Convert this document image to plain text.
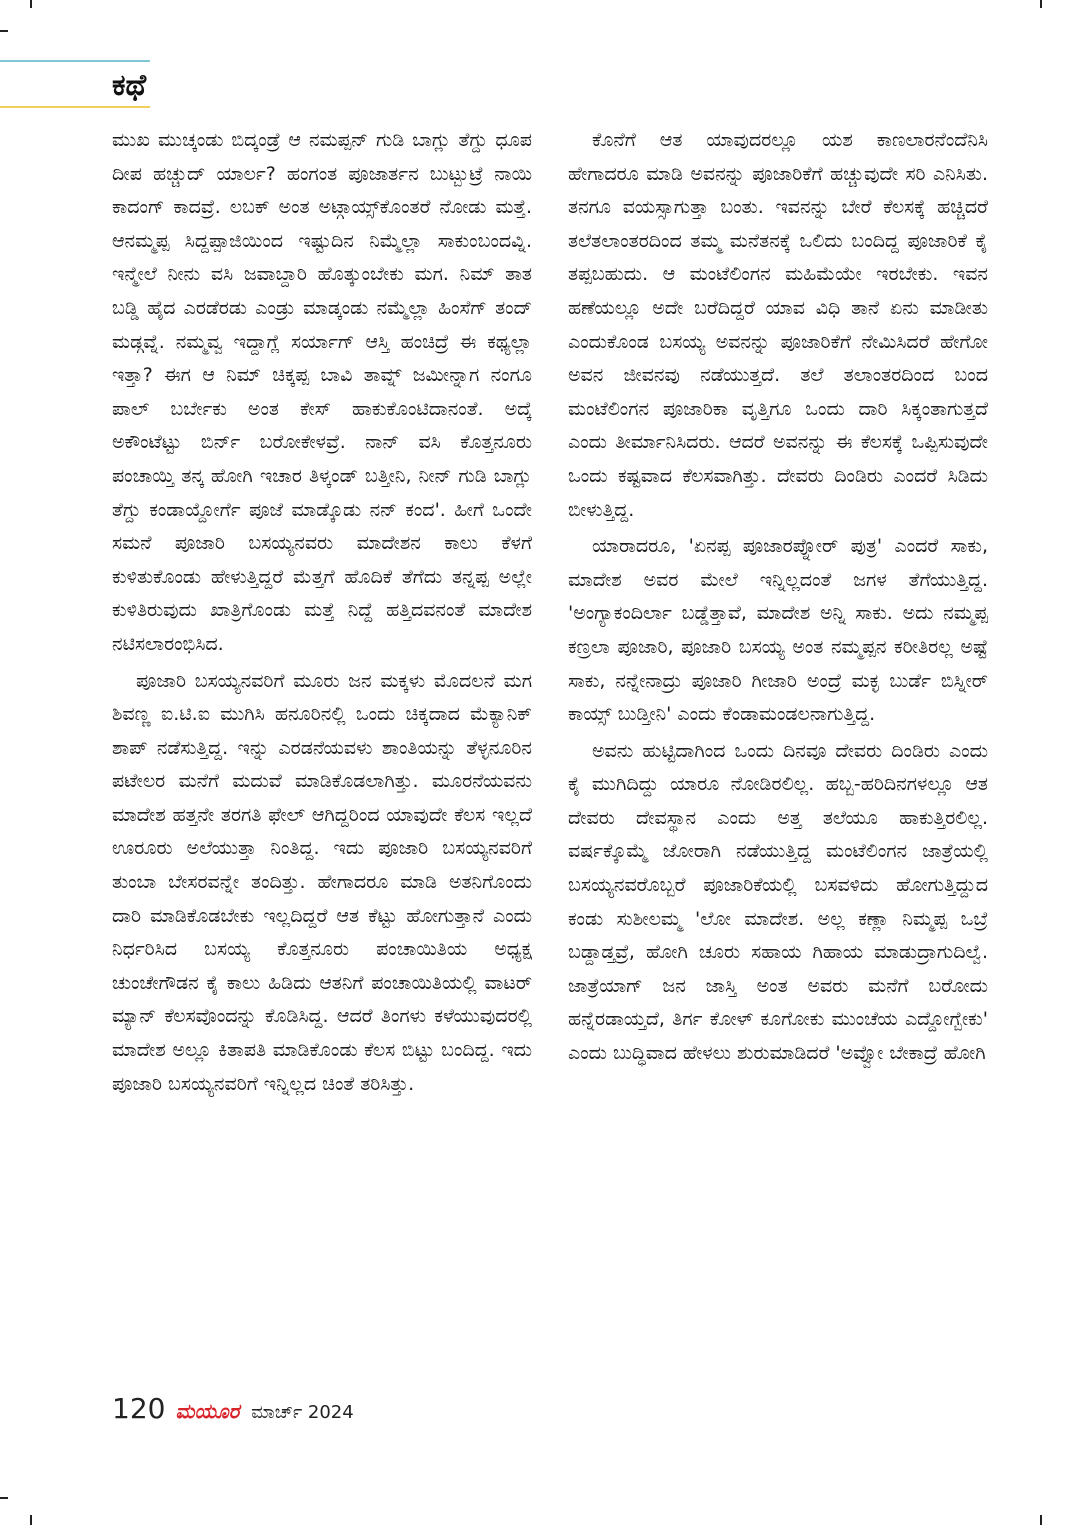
ಕಥೆ

ಮುಖ ಮುಚ್ಕಂಡು ಬಿದ್ಕಂಡ್ರೆ ಆ ನಮಪ್ಪನ್ ಗುಡಿ ಬಾಗ್ಲು ತೆಗ್ದು ಧೂಪ ದೀಪ ಹಚ್ಚುದ್ ಯಾರ್ಲ? ಹಂಗಂತ ಪೂಜಾರ್ತನ ಬುಟ್ಬುಟ್ರೆ ನಾಯಿ ಕಾದಂಗ್ ಕಾದವ್ರೆ. ಲಬಕ್ ಅಂತ ಅಟ್ಗಾಯ್ಸ್‌ಕೊಂತರೆ ನೋಡು ಮತ್ತೆ. ಆನಮ್ಮಪ್ಪ ಸಿದ್ದಪ್ಪಾಜಿಯಿಂದ ಇಷ್ಟುದಿನ ನಿಮ್ಮೆಲ್ಲಾ ಸಾಕುಂಬಂದವ್ನಿ. ಇನ್ಮೇಲೆ ನೀನು ವಸಿ ಜವಾಬ್ದಾರಿ ಹೊತ್ಕುಂಬೇಕು ಮಗ. ನಿಮ್ ತಾತ ಬಡ್ಡಿ ಹೈದ ಎರಡೆರಡು ಎಂಡ್ರು ಮಾಡ್ಕಂಡು ನಮ್ಮೆಲ್ಲಾ ಹಿಂಸೆಗ್ ತಂದ್ ಮಡ್ಗವ್ನೆ. ನಮ್ಮವ್ವ ಇದ್ದಾಗ್ಲೆ ಸರ್ಯಾಗ್ ಆಸ್ತಿ ಹಂಚಿದ್ರೆ ಈ ಕಥ್ಯಲ್ಲಾ ಇತ್ತಾ? ಈಗ ಆ ನಿಮ್ ಚಿಕ್ಕಪ್ಪ ಬಾವಿ ತಾವ್ನ್ ಜಮೀನ್ನಾಗ ನಂಗೂ ಪಾಲ್ ಬರ್ಬೇಕು ಅಂತ ಕೇಸ್ ಹಾಕುಕೊಂಟಿದಾನಂತೆ. ಅದ್ಕೆ ಅಕೌಂಟೆಟ್ಟು ಬಿರ್ನ್ ಬರೋಕೇಳವ್ರೆ. ನಾನ್ ವಸಿ ಕೊತ್ತನೂರು ಪಂಚಾಯ್ತಿ ತನ್ಕ ಹೋಗಿ ಇಚಾರ ತಿಳ್ಕಂಡ್ ಬತ್ತೀನಿ, ನೀನ್ ಗುಡಿ ಬಾಗ್ಲು ತೆಗ್ದು ಕಂಡಾಯ್ದೋರ್ಗೆ ಪೂಜೆ ಮಾಡ್ಕೊಡು ನನ್ ಕಂದ'. ಹೀಗೆ ಒಂದೇ ಸಮನೆ ಪೂಜಾರಿ ಬಸಯ್ಯನವರು ಮಾದೇಶನ ಕಾಲು ಕೆಳಗೆ ಕುಳಿತುಕೊಂಡು ಹೇಳುತ್ತಿದ್ದರೆ ಮೆತ್ತಗೆ ಹೊದಿಕೆ ತೆಗೆದು ತನ್ನಪ್ಪ ಅಲ್ಲೇ ಕುಳಿತಿರುವುದು ಖಾತ್ರಿಗೊಂಡು ಮತ್ತೆ ನಿದ್ದೆ ಹತ್ತಿದವನಂತೆ ಮಾದೇಶ ನಟಿಸಲಾರಂಭಿಸಿದ.

ಪೂಜಾರಿ ಬಸಯ್ಯನವರಿಗೆ ಮೂರು ಜನ ಮಕ್ಕಳು ಮೊದಲನೆ ಮಗ ಶಿವಣ್ಣ ಐ.ಟಿ.ಐ ಮುಗಿಸಿ ಹನೂರಿನಲ್ಲಿ ಒಂದು ಚಿಕ್ಕದಾದ ಮೆಕ್ಯಾನಿಕ್ ಶಾಪ್ ನಡೆಸುತ್ತಿದ್ದ. ಇನ್ನು ಎರಡನೆಯವಳು ಶಾಂತಿಯನ್ನು ತೆಳ್ಳನೂರಿನ ಪಟೇಲರ ಮನೆಗೆ ಮದುವೆ ಮಾಡಿಕೊಡಲಾಗಿತ್ತು. ಮೂರನೆಯವನು ಮಾದೇಶ ಹತ್ತನೇ ತರಗತಿ ಫೇಲ್ ಆಗಿದ್ದರಿಂದ ಯಾವುದೇ ಕೆಲಸ ಇಲ್ಲದೆ ಊರೂರು ಅಲೆಯುತ್ತಾ ನಿಂತಿದ್ದ. ಇದು ಪೂಜಾರಿ ಬಸಯ್ಯನವರಿಗೆ ತುಂಬಾ ಬೇಸರವನ್ನೇ ತಂದಿತ್ತು. ಹೇಗಾದರೂ ಮಾಡಿ ಅತನಿಗೊಂದು ದಾರಿ ಮಾಡಿಕೊಡಬೇಕು ಇಲ್ಲದಿದ್ದರೆ ಆತ ಕೆಟ್ಟು ಹೋಗುತ್ತಾನೆ ಎಂದು ನಿರ್ಧರಿಸಿದ ಬಸಯ್ಯ ಕೊತ್ತನೂರು ಪಂಚಾಯಿತಿಯ ಅಧ್ಯಕ್ಷ ಚುಂಚೇಗೌಡನ ಕೈ ಕಾಲು ಹಿಡಿದು ಆತನಿಗೆ ಪಂಚಾಯಿತಿಯಲ್ಲಿ ವಾಟರ್ ಮ್ಯಾನ್ ಕೆಲಸವೊಂದನ್ನು ಕೊಡಿಸಿದ್ದ. ಆದರೆ ತಿಂಗಳು ಕಳೆಯುವುದರಲ್ಲಿ ಮಾದೇಶ ಅಲ್ಲೂ ಕಿತಾಪತಿ ಮಾಡಿಕೊಂಡು ಕೆಲಸ ಬಿಟ್ಟು ಬಂದಿದ್ದ. ಇದು ಪೂಜಾರಿ ಬಸಯ್ಯನವರಿಗೆ ಇನ್ನಿಲ್ಲದ ಚಿಂತೆ ತರಿಸಿತ್ತು.

ಕೊನೆಗೆ ಆತ ಯಾವುದರಲ್ಲೂ ಯಶ ಕಾಣಲಾರನೆಂದೆನಿಸಿ ಹೇಗಾದರೂ ಮಾಡಿ ಅವನನ್ನು ಪೂಜಾರಿಕೆಗೆ ಹಚ್ಚುವುದೇ ಸರಿ ಎನಿಸಿತು. ತನಗೂ ವಯಸ್ಸಾಗುತ್ತಾ ಬಂತು. ಇವನನ್ನು ಬೇರೆ ಕೆಲಸಕ್ಕೆ ಹಚ್ಚಿದರೆ ತಲೆತಲಾಂತರದಿಂದ ತಮ್ಮ ಮನೆತನಕ್ಕೆ ಒಲಿದು ಬಂದಿದ್ದ ಪೂಜಾರಿಕೆ ಕೈ ತಪ್ಪಬಹುದು. ಆ ಮಂಟೆಲಿಂಗನ ಮಹಿಮೆಯೇ ಇರಬೇಕು. ಇವನ ಹಣೆಯಲ್ಲೂ ಅದೇ ಬರೆದಿದ್ದರೆ ಯಾವ ವಿಧಿ ತಾನೆ ಏನು ಮಾಡೀತು ಎಂದುಕೊಂಡ ಬಸಯ್ಯ ಅವನನ್ನು ಪೂಜಾರಿಕೆಗೆ ನೇಮಿಸಿದರೆ ಹೇಗೋ ಅವನ ಜೀವನವು ನಡೆಯುತ್ತದೆ. ತಲೆ ತಲಾಂತರದಿಂದ ಬಂದ ಮಂಟೆಲಿಂಗನ ಪೂಜಾರಿಕಾ ವೃತ್ತಿಗೂ ಒಂದು ದಾರಿ ಸಿಕ್ಕಂತಾಗುತ್ತದೆ ಎಂದು ತೀರ್ಮಾನಿಸಿದರು. ಆದರೆ ಅವನನ್ನು ಈ ಕೆಲಸಕ್ಕೆ ಒಪ್ಪಿಸುವುದೇ ಒಂದು ಕಷ್ಟವಾದ ಕೆಲಸವಾಗಿತ್ತು. ದೇವರು ದಿಂಡಿರು ಎಂದರೆ ಸಿಡಿದು ಬೀಳುತ್ತಿದ್ದ.

ಯಾರಾದರೂ, 'ಏನಪ್ಪ ಪೂಜಾರಪ್ನೋರ್ ಪುತ್ರ' ಎಂದರೆ ಸಾಕು, ಮಾದೇಶ ಅವರ ಮೇಲೆ ಇನ್ನಿಲ್ಲದಂತೆ ಜಗಳ ತೆಗೆಯುತ್ತಿದ್ದ. 'ಅಂಗ್ಯಾಕಂದಿರ್ಲಾ ಬಡ್ಡೆತ್ತಾವೆ, ಮಾದೇಶ ಅನ್ನಿ ಸಾಕು. ಅದು ನಮ್ಮಪ್ಪ ಕಣ್ರಲಾ ಪೂಜಾರಿ, ಪೂಜಾರಿ ಬಸಯ್ಯ ಅಂತ ನಮ್ಮಪ್ಪನ ಕರೀತಿರಲ್ಲ ಅಷ್ಟೆ ಸಾಕು, ನನ್ನೇನಾದ್ರು ಪೂಜಾರಿ ಗೀಜಾರಿ ಅಂದ್ರೆ ಮಕ್ಳ ಬುರ್ಡೆ ಬಿಸ್ನೀರ್ ಕಾಯ್ಸ್ ಬುಡ್ತೀನಿ' ಎಂದು ಕೆಂಡಾಮಂಡಲನಾಗುತ್ತಿದ್ದ.

ಅವನು ಹುಟ್ಟಿದಾಗಿಂದ ಒಂದು ದಿನವೂ ದೇವರು ದಿಂಡಿರು ಎಂದು ಕೈ ಮುಗಿದಿದ್ದು ಯಾರೂ ನೋಡಿರಲಿಲ್ಲ. ಹಬ್ಬ-ಹರಿದಿನಗಳಲ್ಲೂ ಆತ ದೇವರು ದೇವಸ್ಥಾನ ಎಂದು ಅತ್ತ ತಲೆಯೂ ಹಾಕುತ್ತಿರಲಿಲ್ಲ. ವರ್ಷಕ್ಕೊಮ್ಮೆ ಜೋರಾಗಿ ನಡೆಯುತ್ತಿದ್ದ ಮಂಟೆಲಿಂಗನ ಜಾತ್ರೆಯಲ್ಲಿ ಬಸಯ್ಯನವರೊಬ್ಬರೆ ಪೂಜಾರಿಕೆಯಲ್ಲಿ ಬಸವಳಿದು ಹೋಗುತ್ತಿದ್ದುದ ಕಂಡು ಸುಶೀಲಮ್ಮ 'ಲೋ ಮಾದೇಶ. ಅಲ್ಲ ಕಣ್ಲಾ ನಿಮ್ಮಪ್ಪ ಒಬ್ರೆ ಬಡ್ದಾಡ್ತವ್ರೆ, ಹೋಗಿ ಚೂರು ಸಹಾಯ ಗಿಹಾಯ ಮಾಡುದ್ರಾಗುದಿಲ್ವೆ. ಜಾತ್ರೆಯಾಗ್ ಜನ ಜಾಸ್ತಿ ಅಂತ ಅವರು ಮನೆಗೆ ಬರೋದು ಹನ್ನೆರಡಾಯ್ತದೆ, ತಿರ್ಗ ಕೋಳ್ ಕೂಗೋಕು ಮುಂಚೆಯ ಎದ್ದೋಗ್ಬೇಕು' ಎಂದು ಬುದ್ಧಿವಾದ ಹೇಳಲು ಶುರುಮಾಡಿದರೆ 'ಅವ್ವೋ ಬೇಕಾದ್ರೆ ಹೋಗಿ

120 ಮಯೂರ ಮಾರ್ಚ್ 2024
